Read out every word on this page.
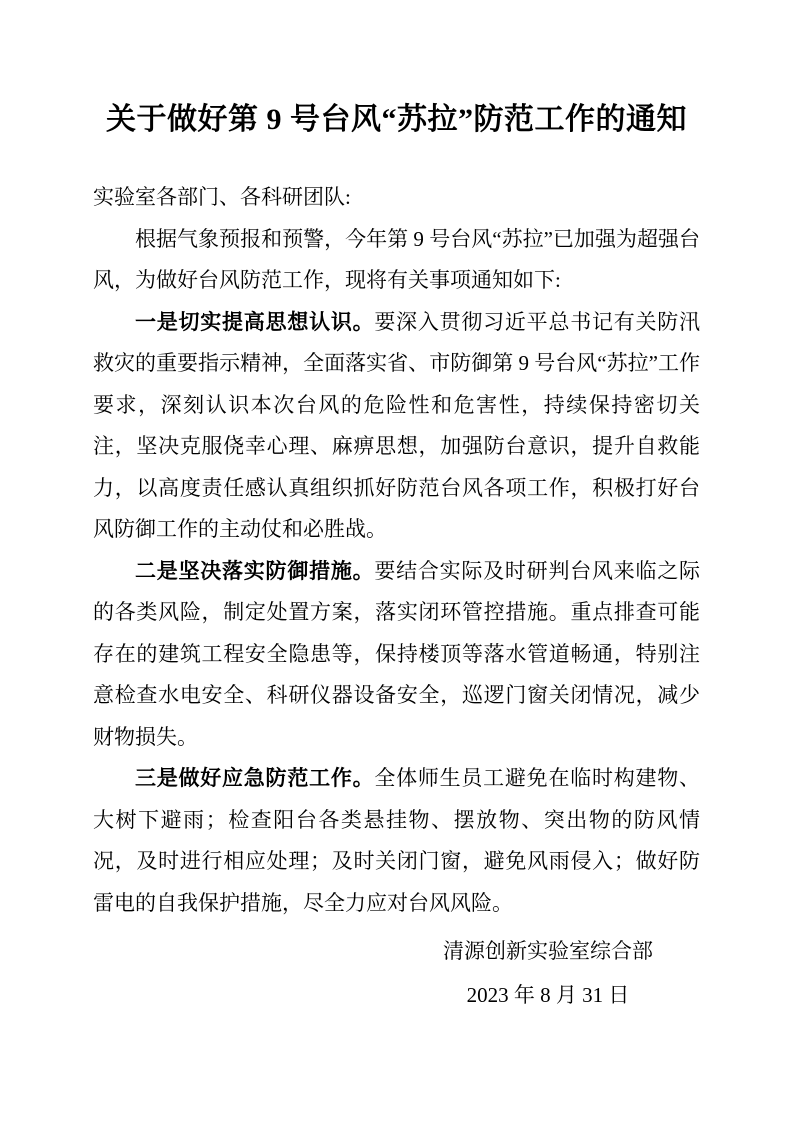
关于做好第 9 号台风“苏拉”防范工作的通知

实验室各部门、各科研团队:

根据气象预报和预警，今年第 9 号台风“苏拉”已加强为超强台风，为做好台风防范工作，现将有关事项通知如下:

一是切实提高思想认识。要深入贯彻习近平总书记有关防汛救灾的重要指示精神，全面落实省、市防御第 9 号台风“苏拉”工作要求，深刻认识本次台风的危险性和危害性，持续保持密切关注，坚决克服侥幸心理、麻痹思想，加强防台意识，提升自救能力，以高度责任感认真组织抓好防范台风各项工作，积极打好台风防御工作的主动仗和必胜战。

二是坚决落实防御措施。要结合实际及时研判台风来临之际的各类风险，制定处置方案，落实闭环管控措施。重点排查可能存在的建筑工程安全隐患等，保持楼顶等落水管道畅通，特别注意检查水电安全、科研仪器设备安全，巡逻门窗关闭情况，减少财物损失。

三是做好应急防范工作。全体师生员工避免在临时构建物、大树下避雨；检查阳台各类悬挂物、摆放物、突出物的防风情况，及时进行相应处理；及时关闭门窗，避免风雨侵入；做好防雷电的自我保护措施，尽全力应对台风风险。

清源创新实验室综合部
2023 年 8 月 31 日
